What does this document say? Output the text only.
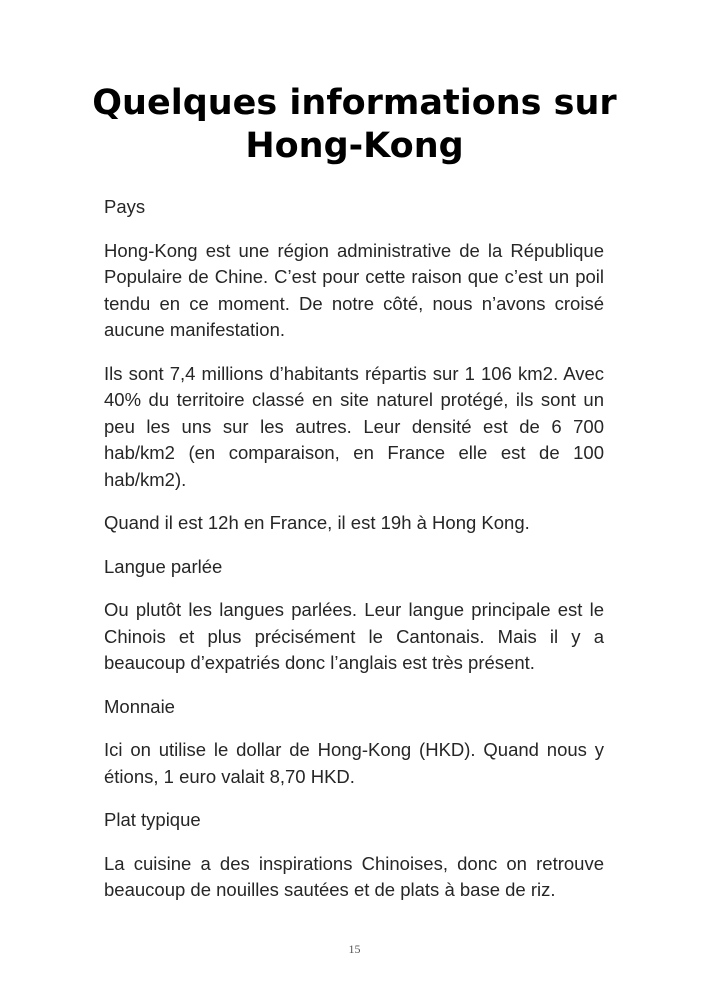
Quelques informations sur Hong-Kong

Pays

Hong-Kong est une région administrative de la République Populaire de Chine. C’est pour cette raison que c’est un poil tendu en ce moment. De notre côté, nous n’avons croisé aucune manifestation.

Ils sont 7,4 millions d’habitants répartis sur 1 106 km2. Avec 40% du territoire classé en site naturel protégé, ils sont un peu les uns sur les autres. Leur densité est de 6 700 hab/km2 (en comparaison, en France elle est de 100 hab/km2).

Quand il est 12h en France, il est 19h à Hong Kong.

Langue parlée

Ou plutôt les langues parlées. Leur langue principale est le Chinois et plus précisément le Cantonais. Mais il y a beaucoup d’expatriés donc l’anglais est très présent.

Monnaie

Ici on utilise le dollar de Hong-Kong (HKD). Quand nous y étions, 1 euro valait 8,70 HKD.

Plat typique

La cuisine a des inspirations Chinoises, donc on retrouve beaucoup de nouilles sautées et de plats à base de riz.

15
